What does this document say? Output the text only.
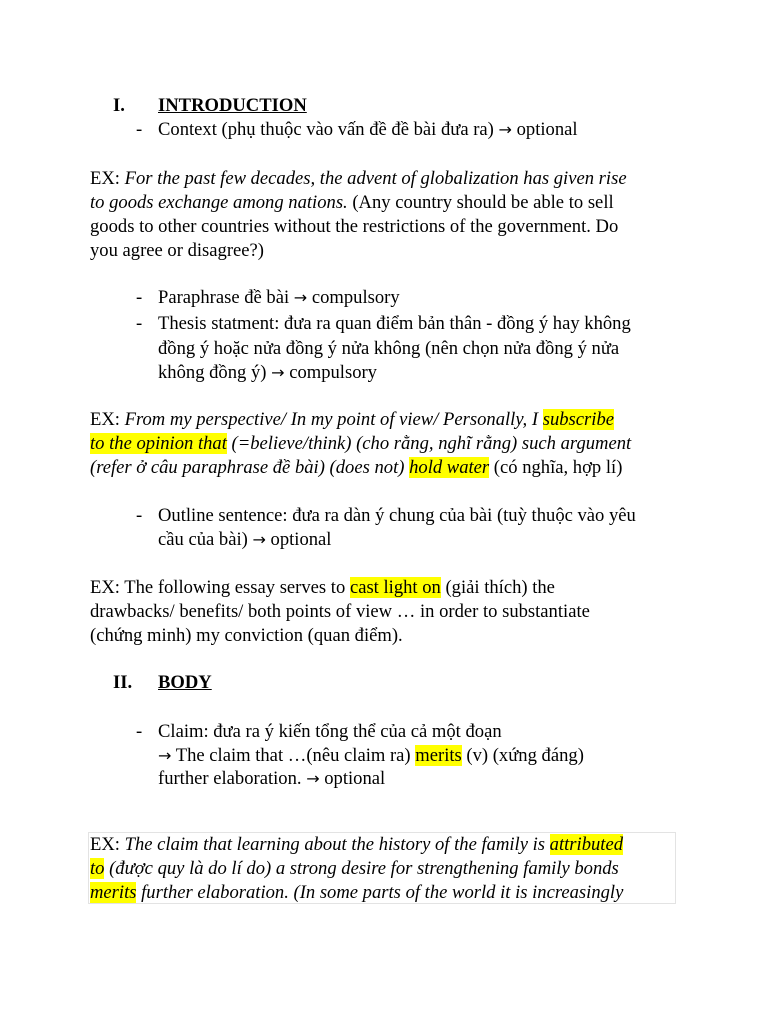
I. INTRODUCTION
- Context (phụ thuộc vào vấn đề đề bài đưa ra) → optional
EX: For the past few decades, the advent of globalization has given rise
to goods exchange among nations. (Any country should be able to sell
goods to other countries without the restrictions of the government. Do
you agree or disagree?)
- Paraphrase đề bài → compulsory
- Thesis statment: đưa ra quan điểm bản thân - đồng ý hay không
đồng ý hoặc nửa đồng ý nửa không (nên chọn nửa đồng ý nửa
không đồng ý) → compulsory
EX: From my perspective/ In my point of view/ Personally, I subscribe
to the opinion that (=believe/think) (cho rằng, nghĩ rằng) such argument
(refer ở câu paraphrase đề bài) (does not) hold water (có nghĩa, hợp lí)
- Outline sentence: đưa ra dàn ý chung của bài (tuỳ thuộc vào yêu
cầu của bài) → optional
EX: The following essay serves to cast light on (giải thích) the
drawbacks/ benefits/ both points of view … in order to substantiate
(chứng minh) my conviction (quan điểm).
II. BODY
- Claim: đưa ra ý kiến tổng thể của cả một đoạn
→ The claim that …(nêu claim ra) merits (v) (xứng đáng)
further elaboration. → optional
EX: The claim that learning about the history of the family is attributed
to (được quy là do lí do) a strong desire for strengthening family bonds
merits further elaboration. (In some parts of the world it is increasingly
